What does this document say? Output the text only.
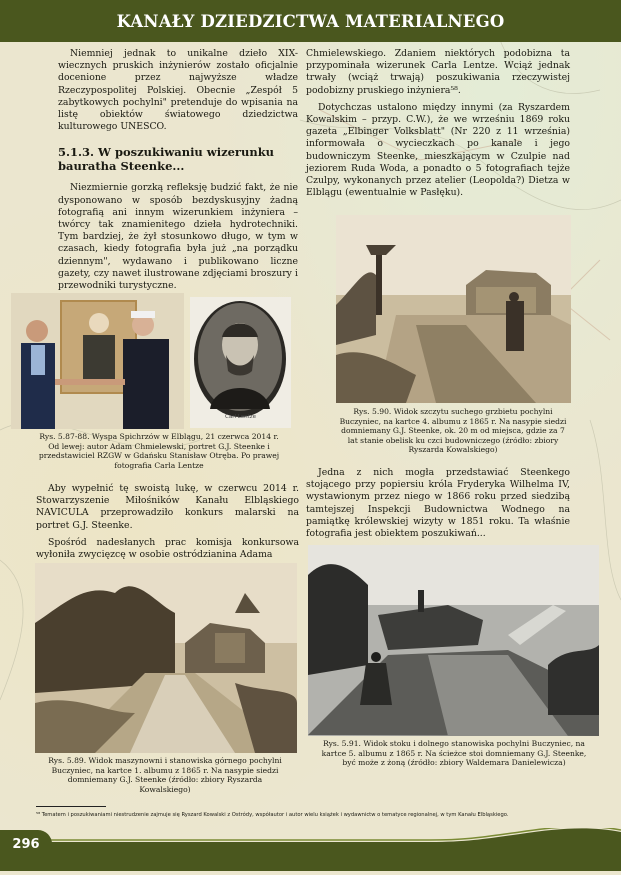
KANAŁY DZIEDZICTWA MATERIALNEGO

Niemniej jednak to unikalne dzieło XIX-wiecznych pruskich inżynierów zostało oficjalnie docenione przez najwyższe władze Rzeczypospolitej Polskiej. Obecnie „Zespół 5 zabytkowych pochylni" pretenduje do wpisania na listę obiektów światowego dziedzictwa kulturowego UNESCO.

5.1.3. W poszukiwaniu wizerunku bauratha Steenke...

Niezmiernie gorzką refleksję budzić fakt, że nie dysponowano w sposób bezdyskusyjny żadną fotografią ani innym wizerunkiem inżyniera – twórcy tak znamienitego dzieła hydrotechniki. Tym bardziej, że żył stosunkowo długo, w tym w czasach, kiedy fotografia była już „na porządku dziennym", wydawano i publikowano liczne gazety, czy nawet ilustrowane zdjęciami broszury i przewodniki turystyczne.

Carl Lentze
Rys. 5.87-88. Wyspa Spichrzów w Elblągu, 21 czerwca 2014 r. Od lewej: autor Adam Chmielewski, portret G.J. Steenke i przedstawiciel RZGW w Gdańsku Stanisław Otręba. Po prawej fotografia Carla Lentze

Aby wypełnić tę swoistą lukę, w czerwcu 2014 r. Stowarzyszenie Miłośników Kanału Elbląskiego NAVICULA przeprowadziło konkurs malarski na portret G.J. Steenke.

Spośród nadesłanych prac komisja konkursowa wyłoniła zwycięzcę w osobie ostródzianina Adama

Rys. 5.89. Widok maszynowni i stanowiska górnego pochylni Buczyniec, na kartce 1. albumu z 1865 r. Na nasypie siedzi domniemany G.J. Steenke (źródło: zbiory Ryszarda Kowalskiego)

Chmielewskiego. Zdaniem niektórych podobizna ta przypominała wizerunek Carla Lentze. Wciąż jednak trwały (wciąż trwają) poszukiwania rzeczywistej podobizny pruskiego inżyniera⁵⁸.

Dotychczas ustalono między innymi (za Ryszardem Kowalskim – przyp. C.W.), że we wrześniu 1869 roku gazeta „Elbinger Volksblatt" (Nr 220 z 11 września) informowała o wycieczkach po kanale i jego budowniczym Steenke, mieszkającym w Czulpie nad jeziorem Ruda Woda, a ponadto o 5 fotografiach tejże Czulpy, wykonanych przez atelier (Leopolda?) Dietza w Elblągu (ewentualnie w Pasłęku).

Rys. 5.90. Widok szczytu suchego grzbietu pochylni Buczyniec, na kartce 4. albumu z 1865 r. Na nasypie siedzi domniemany G.J. Steenke, ok. 20 m od miejsca, gdzie za 7 lat stanie obelisk ku czci budowniczego (źródło: zbiory Ryszarda Kowalskiego)

Jedna z nich mogła przedstawiać Steenkego stojącego przy popiersiu króla Fryderyka Wilhelma IV, wystawionym przez niego w 1866 roku przed siedzibą tamtejszej Inspekcji Budownictwa Wodnego na pamiątkę królewskiej wizyty w 1851 roku. Ta właśnie fotografia jest obiektem poszukiwań...

Rys. 5.91. Widok stoku i dolnego stanowiska pochylni Buczyniec, na kartce 5. albumu z 1865 r. Na ścieżce stoi domniemany G.J. Steenke, być może z żoną (źródło: zbiory Waldemara Danielewicza)
⁵⁸ Tematem i poszukiwaniami niestrudzenie zajmuje się Ryszard Kowalski z Ostródy, współautor i autor wielu książek i wydawnictw o tematyce regionalnej, w tym Kanału Elbląskiego.
296
